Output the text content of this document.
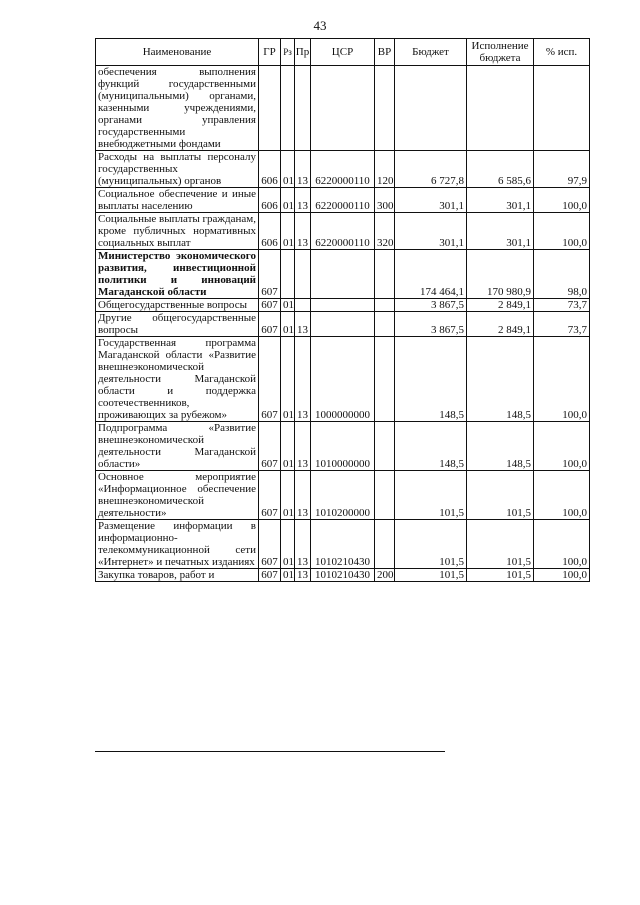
43
Наименование	ГР	Рз	Пр	ЦСР	ВР	Бюджет	Исполнение бюджета	% исп.
обеспечения выполнения функций государственными (муниципальными) органами, казенными учреждениями, органами управления государственными внебюджетными фондами								
Расходы на выплаты персоналу государственных (муниципальных) органов	606	01	13	6220000110	120	6 727,8	6 585,6	97,9
Социальное обеспечение и иные выплаты населению	606	01	13	6220000110	300	301,1	301,1	100,0
Социальные выплаты гражданам, кроме публичных нормативных социальных выплат	606	01	13	6220000110	320	301,1	301,1	100,0
Министерство экономического развития, инвестиционной политики и инноваций Магаданской области	607					174 464,1	170 980,9	98,0
Общегосударственные вопросы	607	01				3 867,5	2 849,1	73,7
Другие общегосударственные вопросы	607	01	13			3 867,5	2 849,1	73,7
Государственная программа Магаданской области «Развитие внешнеэкономической деятельности Магаданской области и поддержка соотечественников, проживающих за рубежом»	607	01	13	1000000000		148,5	148,5	100,0
Подпрограмма «Развитие внешнеэкономической деятельности Магаданской области»	607	01	13	1010000000		148,5	148,5	100,0
Основное мероприятие «Информационное обеспечение внешнеэкономической деятельности»	607	01	13	1010200000		101,5	101,5	100,0
Размещение информации в информационно-телекоммуникационной сети «Интернет» и печатных изданиях	607	01	13	1010210430		101,5	101,5	100,0
Закупка товаров, работ и	607	01	13	1010210430	200	101,5	101,5	100,0
